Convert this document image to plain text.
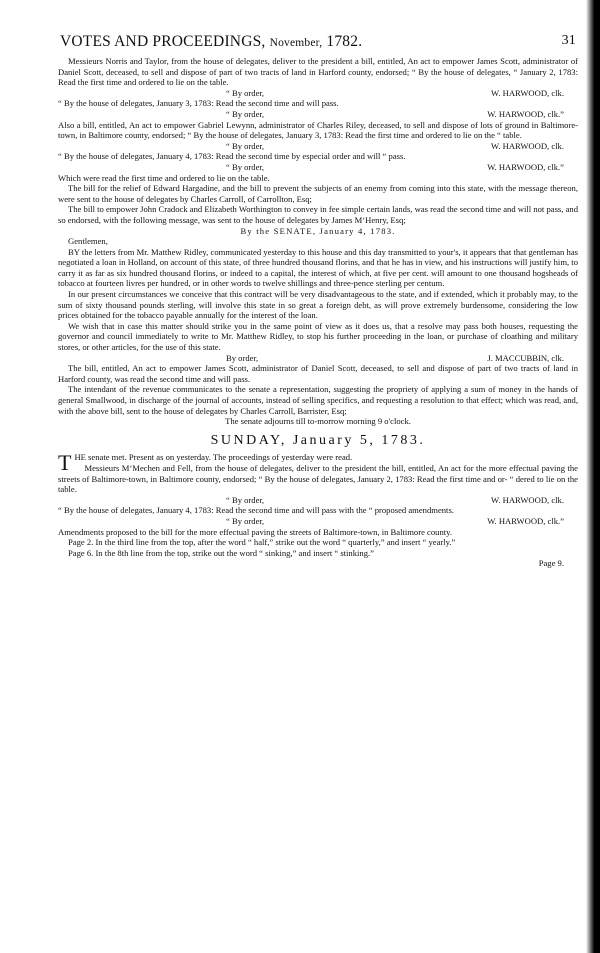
VOTES AND PROCEEDINGS, November, 1782.	31

Messieurs Norris and Taylor, from the house of delegates, deliver to the president a bill, entitled, An act to empower James Scott, administrator of Daniel Scott, deceased, to sell and dispose of part of two tracts of land in Harford county, endorsed; “ By the house of delegates, “ January 2, 1783: Read the first time and ordered to lie on the table.

“ By order,	W. HARWOOD, clk.

“ By the house of delegates, January 3, 1783: Read the second time and will pass.

“ By order,	W. HARWOOD, clk.”

Also a bill, entitled, An act to empower Gabriel Lewynn, administrator of Charles Riley, deceased, to sell and dispose of lots of ground in Baltimore-town, in Baltimore county, endorsed; “ By the house of delegates, January 3, 1783: Read the first time and ordered to lie on the “ table.

“ By order,	W. HARWOOD, clk.

“ By the house of delegates, January 4, 1783: Read the second time by especial order and will “ pass.

“ By order,	W. HARWOOD, clk.”

Which were read the first time and ordered to lie on the table.

The bill for the relief of Edward Hargadine, and the bill to prevent the subjects of an enemy from coming into this state, with the message thereon, were sent to the house of delegates by Charles Carroll, of Carrollton, Esq;

The bill to empower John Cradock and Elizabeth Worthington to convey in fee simple certain lands, was read the second time and will not pass, and so endorsed, with the following message, was sent to the house of delegates by James M‘Henry, Esq;

By the SENATE, January 4, 1783.

Gentlemen,

BY the letters from Mr. Matthew Ridley, communicated yesterday to this house and this day transmitted to your's, it appears that that gentleman has negotiated a loan in Holland, on account of this state, of three hundred thousand florins, and that he has in view, and his instructions will justify him, to carry it as far as six hundred thousand florins, or indeed to a capital, the interest of which, at five per cent. will amount to one thousand hogsheads of tobacco at fourteen livres per hundred, or in other words to twelve shillings and three-pence sterling per centum.

In our present circumstances we conceive that this contract will be very disadvantageous to the state, and if extended, which it probably may, to the sum of sixty thousand pounds sterling, will involve this state in so great a foreign debt, as will prove extremely burdensome, considering the low prices obtained for the tobacco payable annually for the interest of the loan.

We wish that in case this matter should strike you in the same point of view as it does us, that a resolve may pass both houses, requesting the governor and council immediately to write to Mr. Matthew Ridley, to stop his further proceeding in the loan, or purchase of cloathing and military stores, or other articles, for the use of this state.

By order,	J. MACCUBBIN, clk.

The bill, entitled, An act to empower James Scott, administrator of Daniel Scott, deceased, to sell and dispose of part of two tracts of land in Harford county, was read the second time and will pass.

The intendant of the revenue communicates to the senate a representation, suggesting the propriety of applying a sum of money in the hands of general Smallwood, in discharge of the journal of accounts, instead of selling specifics, and requesting a resolution to that effect; which was read, and, with the above bill, sent to the house of delegates by Charles Carroll, Barrister, Esq;

The senate adjourns till to-morrow morning 9 o'clock.

SUNDAY, January 5, 1783.

THE senate met. Present as on yesterday. The proceedings of yesterday were read.

Messieurs M‘Mechen and Fell, from the house of delegates, deliver to the president the bill, entitled, An act for the more effectual paving the streets of Baltimore-town, in Baltimore county, endorsed; “ By the house of delegates, January 2, 1783: Read the first time and or- “ dered to lie on the table.

“ By order,	W. HARWOOD, clk.

“ By the house of delegates, January 4, 1783: Read the second time and will pass with the “ proposed amendments.

“ By order,	W. HARWOOD, clk.”

Amendments proposed to the bill for the more effectual paving the streets of Baltimore-town, in Baltimore county.

Page 2. In the third line from the top, after the word “ half,” strike out the word “ quarterly,” and insert “ yearly.”

Page 6. In the 8th line from the top, strike out the word “ sinking,” and insert “ stinking.”

Page 9.
